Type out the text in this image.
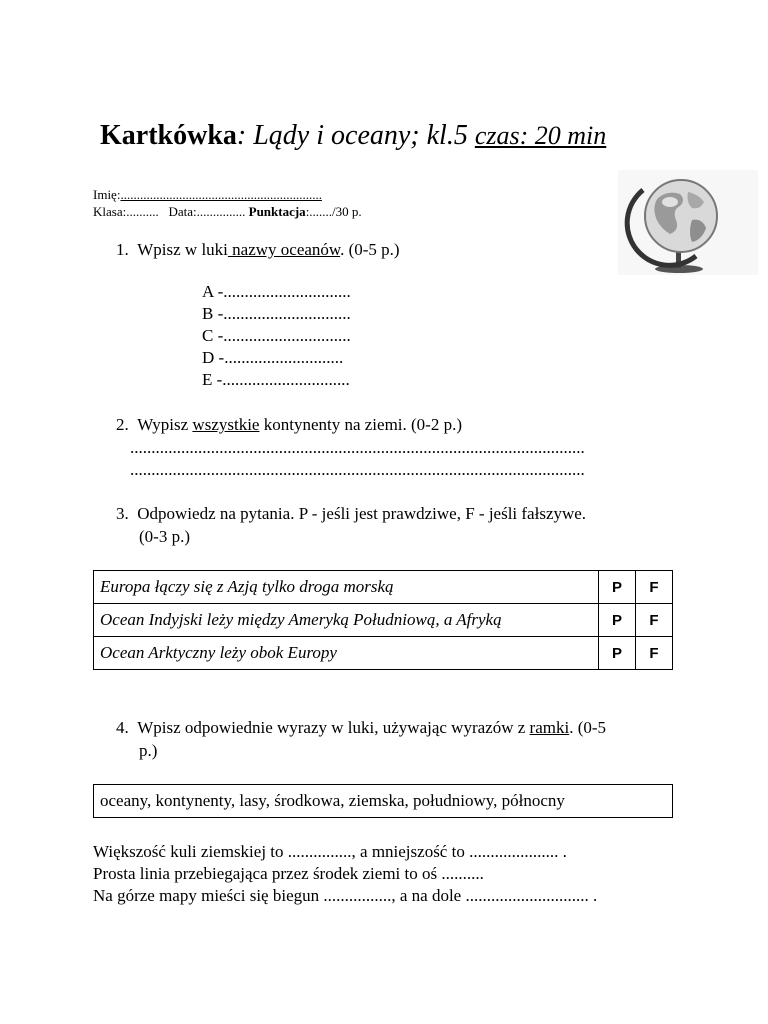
Kartkówka: Lądy i oceany; kl.5 czas: 20 min
Imię:..............................................................
Klasa:.......... Data:............... Punktacja:......./30 p.
1. Wpisz w luki nazwy oceanów. (0-5 p.)
A -..............................
B -..............................
C -..............................
D -............................
E -..............................
2. Wypisz wszystkie kontynenty na ziemi. (0-2 p.)
...........................................................................................................
...........................................................................................................
3. Odpowiedz na pytania. P - jeśli jest prawdziwe, F - jeśli fałszywe.
(0-3 p.)
Europa łączy się z Azją tylko droga morską	P	F
Ocean Indyjski leży między Ameryką Południową, a Afryką	P	F
Ocean Arktyczny leży obok Europy	P	F
4. Wpisz odpowiednie wyrazy w luki, używając wyrazów z ramki. (0-5
p.)
oceany, kontynenty, lasy, środkowa, ziemska, południowy, północny
Większość kuli ziemskiej to ..............., a mniejszość to ..................... .
Prosta linia przebiegająca przez środek ziemi to oś ..........
Na górze mapy mieści się biegun ................, a na dole ............................. .
